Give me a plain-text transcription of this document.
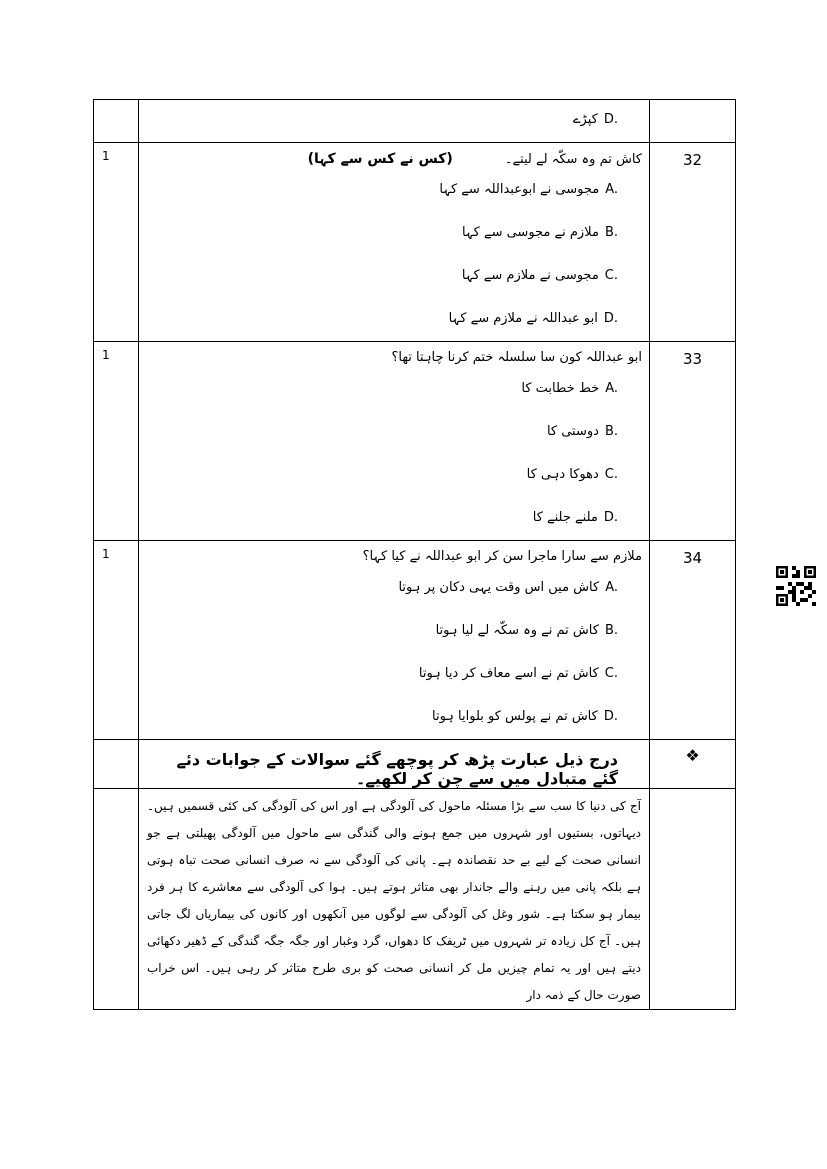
	D.کپڑے	

1	کاش تم وہ سکّہ لے لیتے۔(کس نے کس سے کہا)
A.مجوسی نے ابوعبداللہ سے کہا
B.ملازم نے مجوسی سے کہا
C.مجوسی نے ملازم سے کہا
D.ابو عبداللہ نے ملازم سے کہا	32
1	ابو عبداللہ کون سا سلسلہ ختم کرنا چاہتا تھا؟
A.خط خطابت کا
B.دوستی کا
C.دھوکا دہی کا
D.ملنے جلنے کا	33
1	ملازم سے سارا ماجرا سن کر ابو عبداللہ نے کیا کہا؟
A.کاش میں اس وقت یہی دکان پر ہوتا
B.کاش تم نے وہ سکّہ لے لیا ہوتا
C.کاش تم نے اسے معاف کر دیا ہوتا
D.کاش تم نے پولس کو بلوایا ہوتا	34

	درج ذیل عبارت پڑھ کر پوچھے گئے سوالات کے جوابات دئے گئے متبادل میں سے چن کر لکھیے۔	❖
	آج کی دنیا کا سب سے بڑا مسئلہ ماحول کی آلودگی ہے اور اس کی آلودگی کی کئی قسمیں ہیں۔ دیہاتوں، بستیوں اور شہروں میں جمع ہونے والی گندگی سے ماحول میں آلودگی پھیلتی ہے جو انسانی صحت کے لیے بے حد نقصاندہ ہے۔ پانی کی آلودگی سے نہ صرف انسانی صحت تباہ ہوتی ہے بلکہ پانی میں رہنے والے جاندار بھی متاثر ہوتے ہیں۔ ہوا کی آلودگی سے معاشرے کا ہر فرد بیمار ہو سکتا ہے۔ شور وغل کی آلودگی سے لوگوں میں آنکھوں اور کانوں کی بیماریاں لگ جاتی ہیں۔ آج کل زیادہ تر شہروں میں ٹریفک کا دھواں، گرد وغبار اور جگہ جگہ گندگی کے ڈھیر دکھائی دیتے ہیں اور یہ تمام چیزیں مل کر انسانی صحت کو بری طرح متاثر کر رہی ہیں۔ اس خراب صورت حال کے ذمہ دار	
